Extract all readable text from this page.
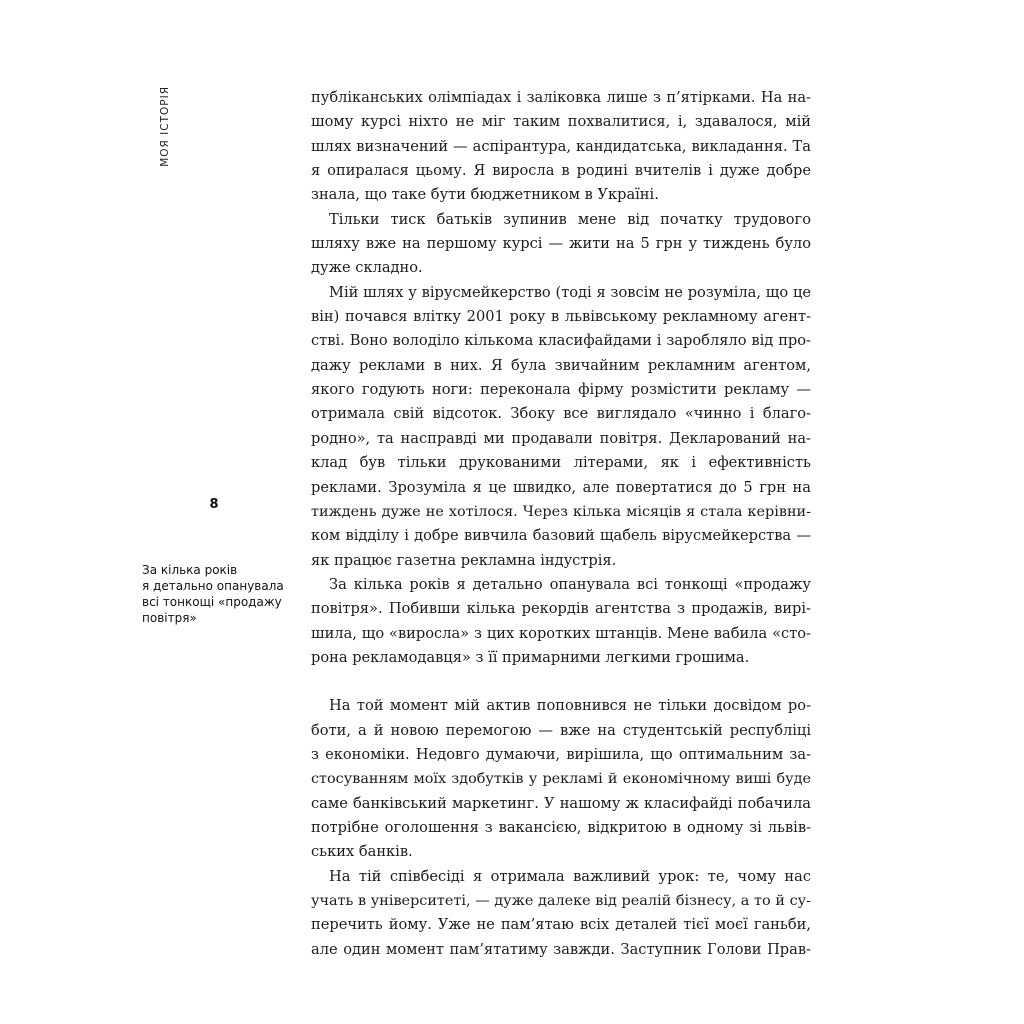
МОЯ ІСТОРІЯ
8
За кілька років
я детально опанувала
всі тонкощі «продажу
повітря»
публіканських олімпіадах і заліковка лише з п’ятірками. На на-
шому курсі ніхто не міг таким похвалитися, і, здавалося, мій
шлях визначений — аспірантура, кандидатська, викладання. Та
я опиралася цьому. Я виросла в родині вчителів і дуже добре
знала, що таке бути бюджетником в Україні.
Тільки тиск батьків зупинив мене від початку трудового
шляху вже на першому курсі — жити на 5 грн у тиждень було
дуже складно.
Мій шлях у вірусмейкерство (тоді я зовсім не розуміла, що це
він) почався влітку 2001 року в львівському рекламному агент-
стві. Воно володіло кількома класифайдами і заробляло від про-
дажу реклами в них. Я була звичайним рекламним агентом,
якого годують ноги: переконала фірму розмістити рекламу —
отримала свій відсоток. Збоку все виглядало «чинно і благо-
родно», та насправді ми продавали повітря. Декларований на-
клад був тільки друкованими літерами, як і ефективність
реклами. Зрозуміла я це швидко, але повертатися до 5 грн на
тиждень дуже не хотілося. Через кілька місяців я стала керівни-
ком відділу і добре вивчила базовий щабель вірусмейкерства —
як працює газетна рекламна індустрія.
За кілька років я детально опанувала всі тонкощі «продажу
повітря». Побивши кілька рекордів агентства з продажів, вирі-
шила, що «виросла» з цих коротких штанців. Мене вабила «сто-
рона рекламодавця» з її примарними легкими грошима.
На той момент мій актив поповнився не тільки досвідом ро-
боти, а й новою перемогою — вже на студентській республіці
з економіки. Недовго думаючи, вирішила, що оптимальним за-
стосуванням моїх здобутків у рекламі й економічному виші буде
саме банківський маркетинг. У нашому ж класифайді побачила
потрібне оголошення з вакансією, відкритою в одному зі львів-
ських банків.
На тій співбесіді я отримала важливий урок: те, чому нас
учать в університеті, — дуже далеке від реалій бізнесу, а то й су-
перечить йому. Уже не пам’ятаю всіх деталей тієї моєї ганьби,
але один момент пам’ятатиму завжди. Заступник Голови Прав-
